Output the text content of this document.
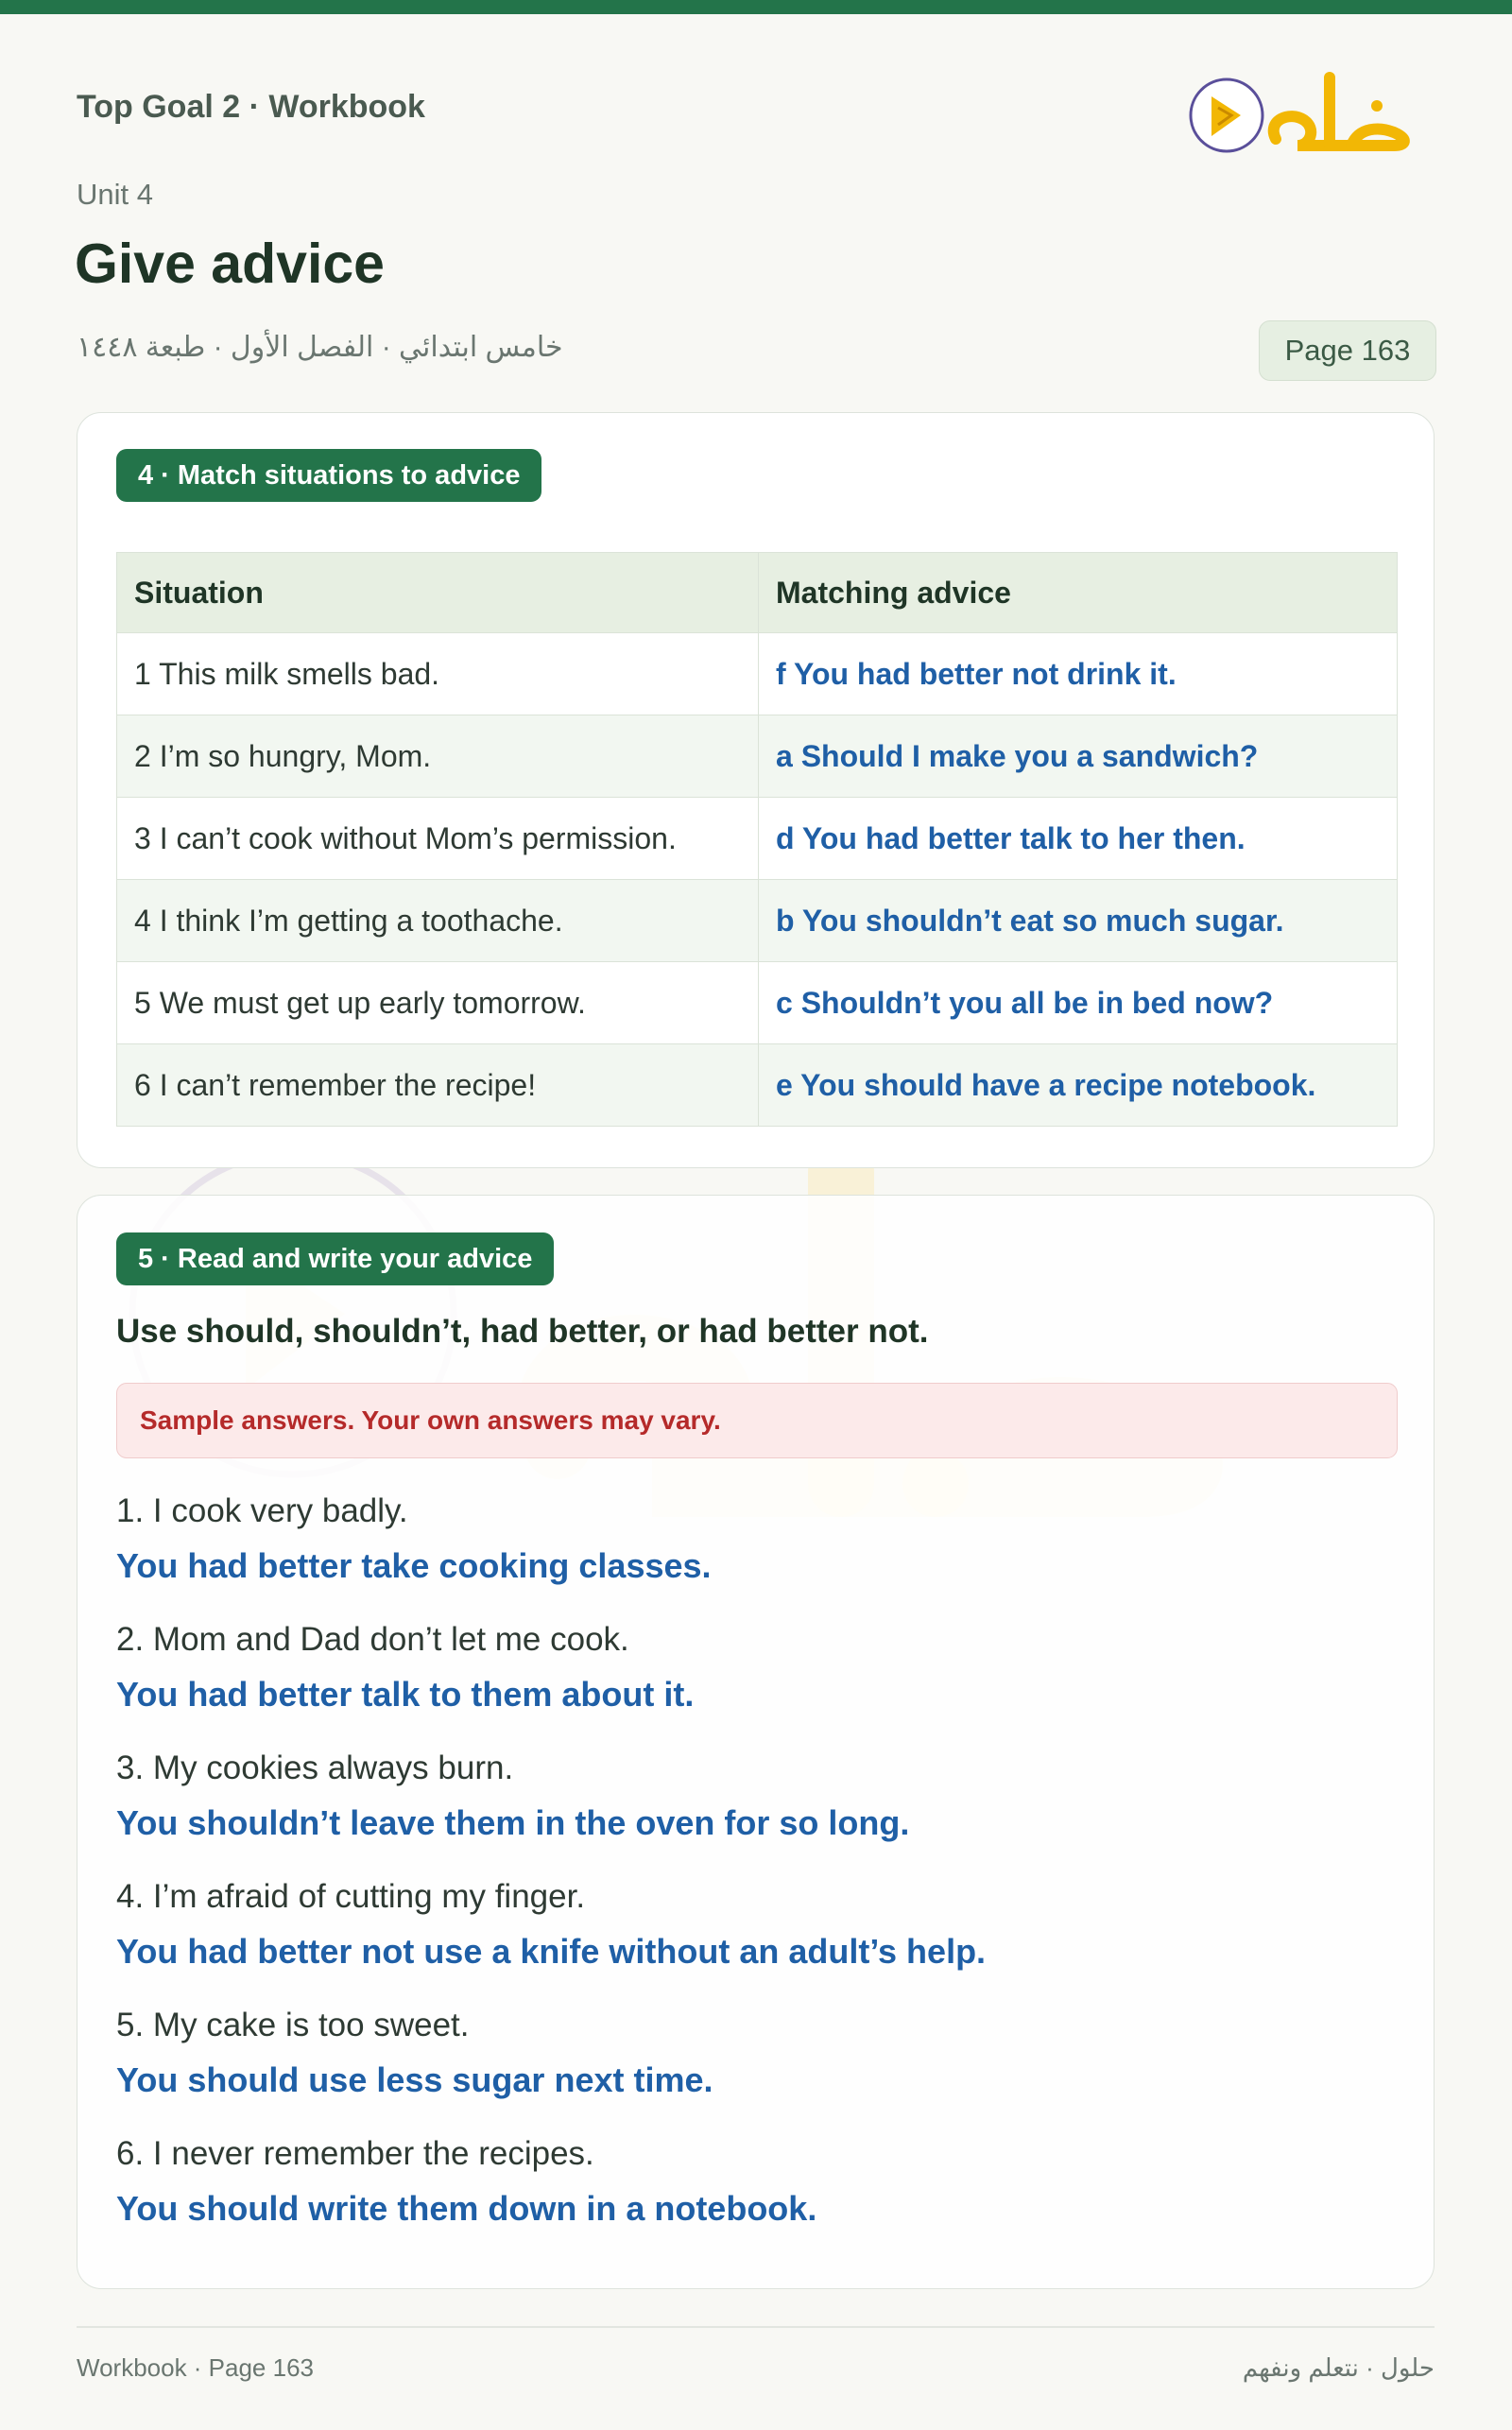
Top Goal 2 · Workbook
Unit 4
Give advice
خامس ابتدائي · الفصل الأول · طبعة ١٤٤٨	Page 163
4 · Match situations to advice
Situation	Matching advice
1 This milk smells bad.	f You had better not drink it.
2 I’m so hungry, Mom.	a Should I make you a sandwich?
3 I can’t cook without Mom’s permission.	d You had better talk to her then.
4 I think I’m getting a toothache.	b You shouldn’t eat so much sugar.
5 We must get up early tomorrow.	c Shouldn’t you all be in bed now?
6 I can’t remember the recipe!	e You should have a recipe notebook.
5 · Read and write your advice
Use should, shouldn’t, had better, or had better not.
Sample answers. Your own answers may vary.
1. I cook very badly.
You had better take cooking classes.
2. Mom and Dad don’t let me cook.
You had better talk to them about it.
3. My cookies always burn.
You shouldn’t leave them in the oven for so long.
4. I’m afraid of cutting my finger.
You had better not use a knife without an adult’s help.
5. My cake is too sweet.
You should use less sugar next time.
6. I never remember the recipes.
You should write them down in a notebook.
Workbook · Page 163	حلول · نتعلم ونفهم
